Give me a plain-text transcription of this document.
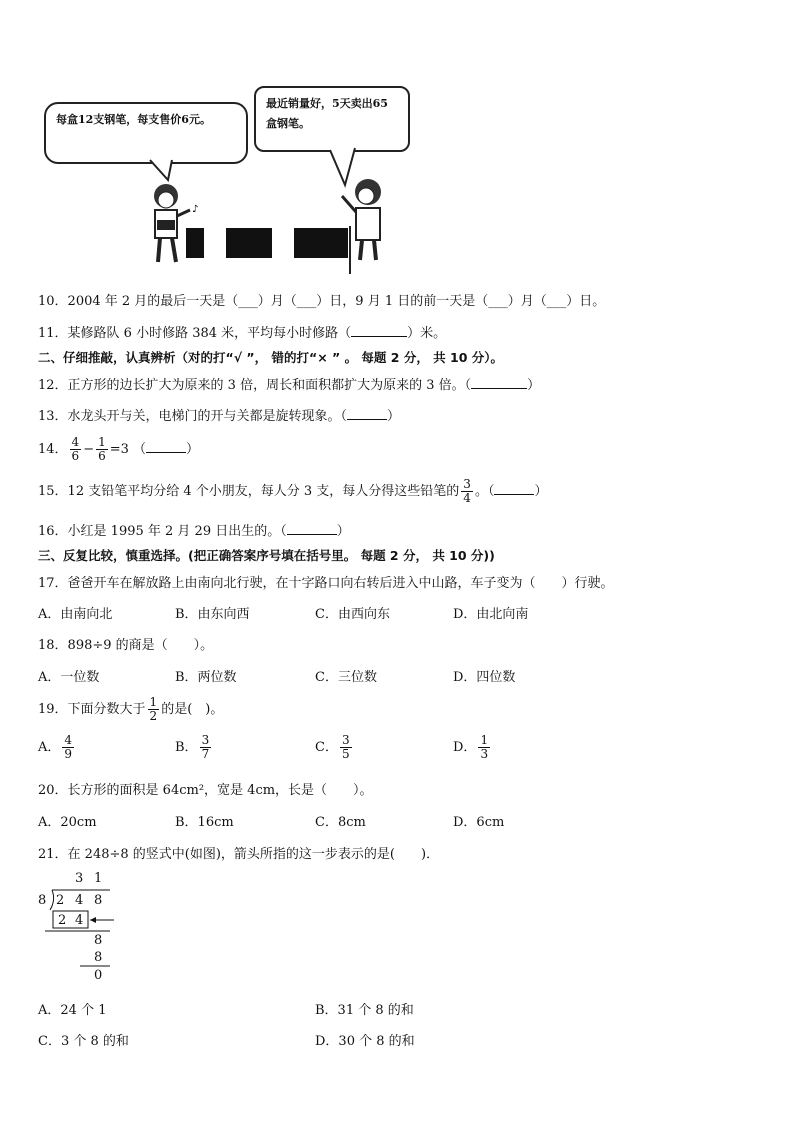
每盒12支钢笔，每支售价6元。
最近销量好，5天卖出65盒钢笔。
♪
10．2004 年 2 月的最后一天是（___）月（___）日，9 月 1 日的前一天是（___）月（___）日。
11．某修路队 6 小时修路 384 米，平均每小时修路（	）米。
二、仔细推敲，认真辨析（对的打“√ ”， 错的打“× ” 。 每题 2 分， 共 10 分）。
12．正方形的边长扩大为原来的 3 倍，周长和面积都扩大为原来的 3 倍。（	）
13．水龙头开与关，电梯门的开与关都是旋转现象。（	）
14． $\frac{4}{6} - \frac{1}{6} =3$ （	）
15．12 支铅笔平均分给 4 个小朋友，每人分 3 支，每人分得这些铅笔的 $\frac{3}{4}$ 。（	）
16．小红是 1995 年 2 月 29 日出生的。（	）
三、反复比较，慎重选择。(把正确答案序号填在括号里。 每题 2 分， 共 10 分))
17．爸爸开车在解放路上由南向北行驶，在十字路口向右转后进入中山路，车子变为（　　）行驶。
A．由南向北	B．由东向西	C．由西向东	D．由北向南
18．898÷9 的商是（　　）。
A．一位数	B．两位数	C．三位数	D．四位数
19．下面分数大于 $\frac{1}{2}$ 的是(　)。
A． $\frac{4}{9}$	B． $\frac{3}{7}$	C． $\frac{3}{5}$	D． $\frac{1}{3}$
20．长方形的面积是 64cm²，宽是 4cm，长是（　　）。
A．20cm	B．16cm	C．8cm	D．6cm
21．在 248÷8 的竖式中(如图)，箭头所指的这一步表示的是(　　)．
3 1
8 2 4 8
2 4
8
8
0
A．24 个 1	B．31 个 8 的和
C．3 个 8 的和	D．30 个 8 的和
